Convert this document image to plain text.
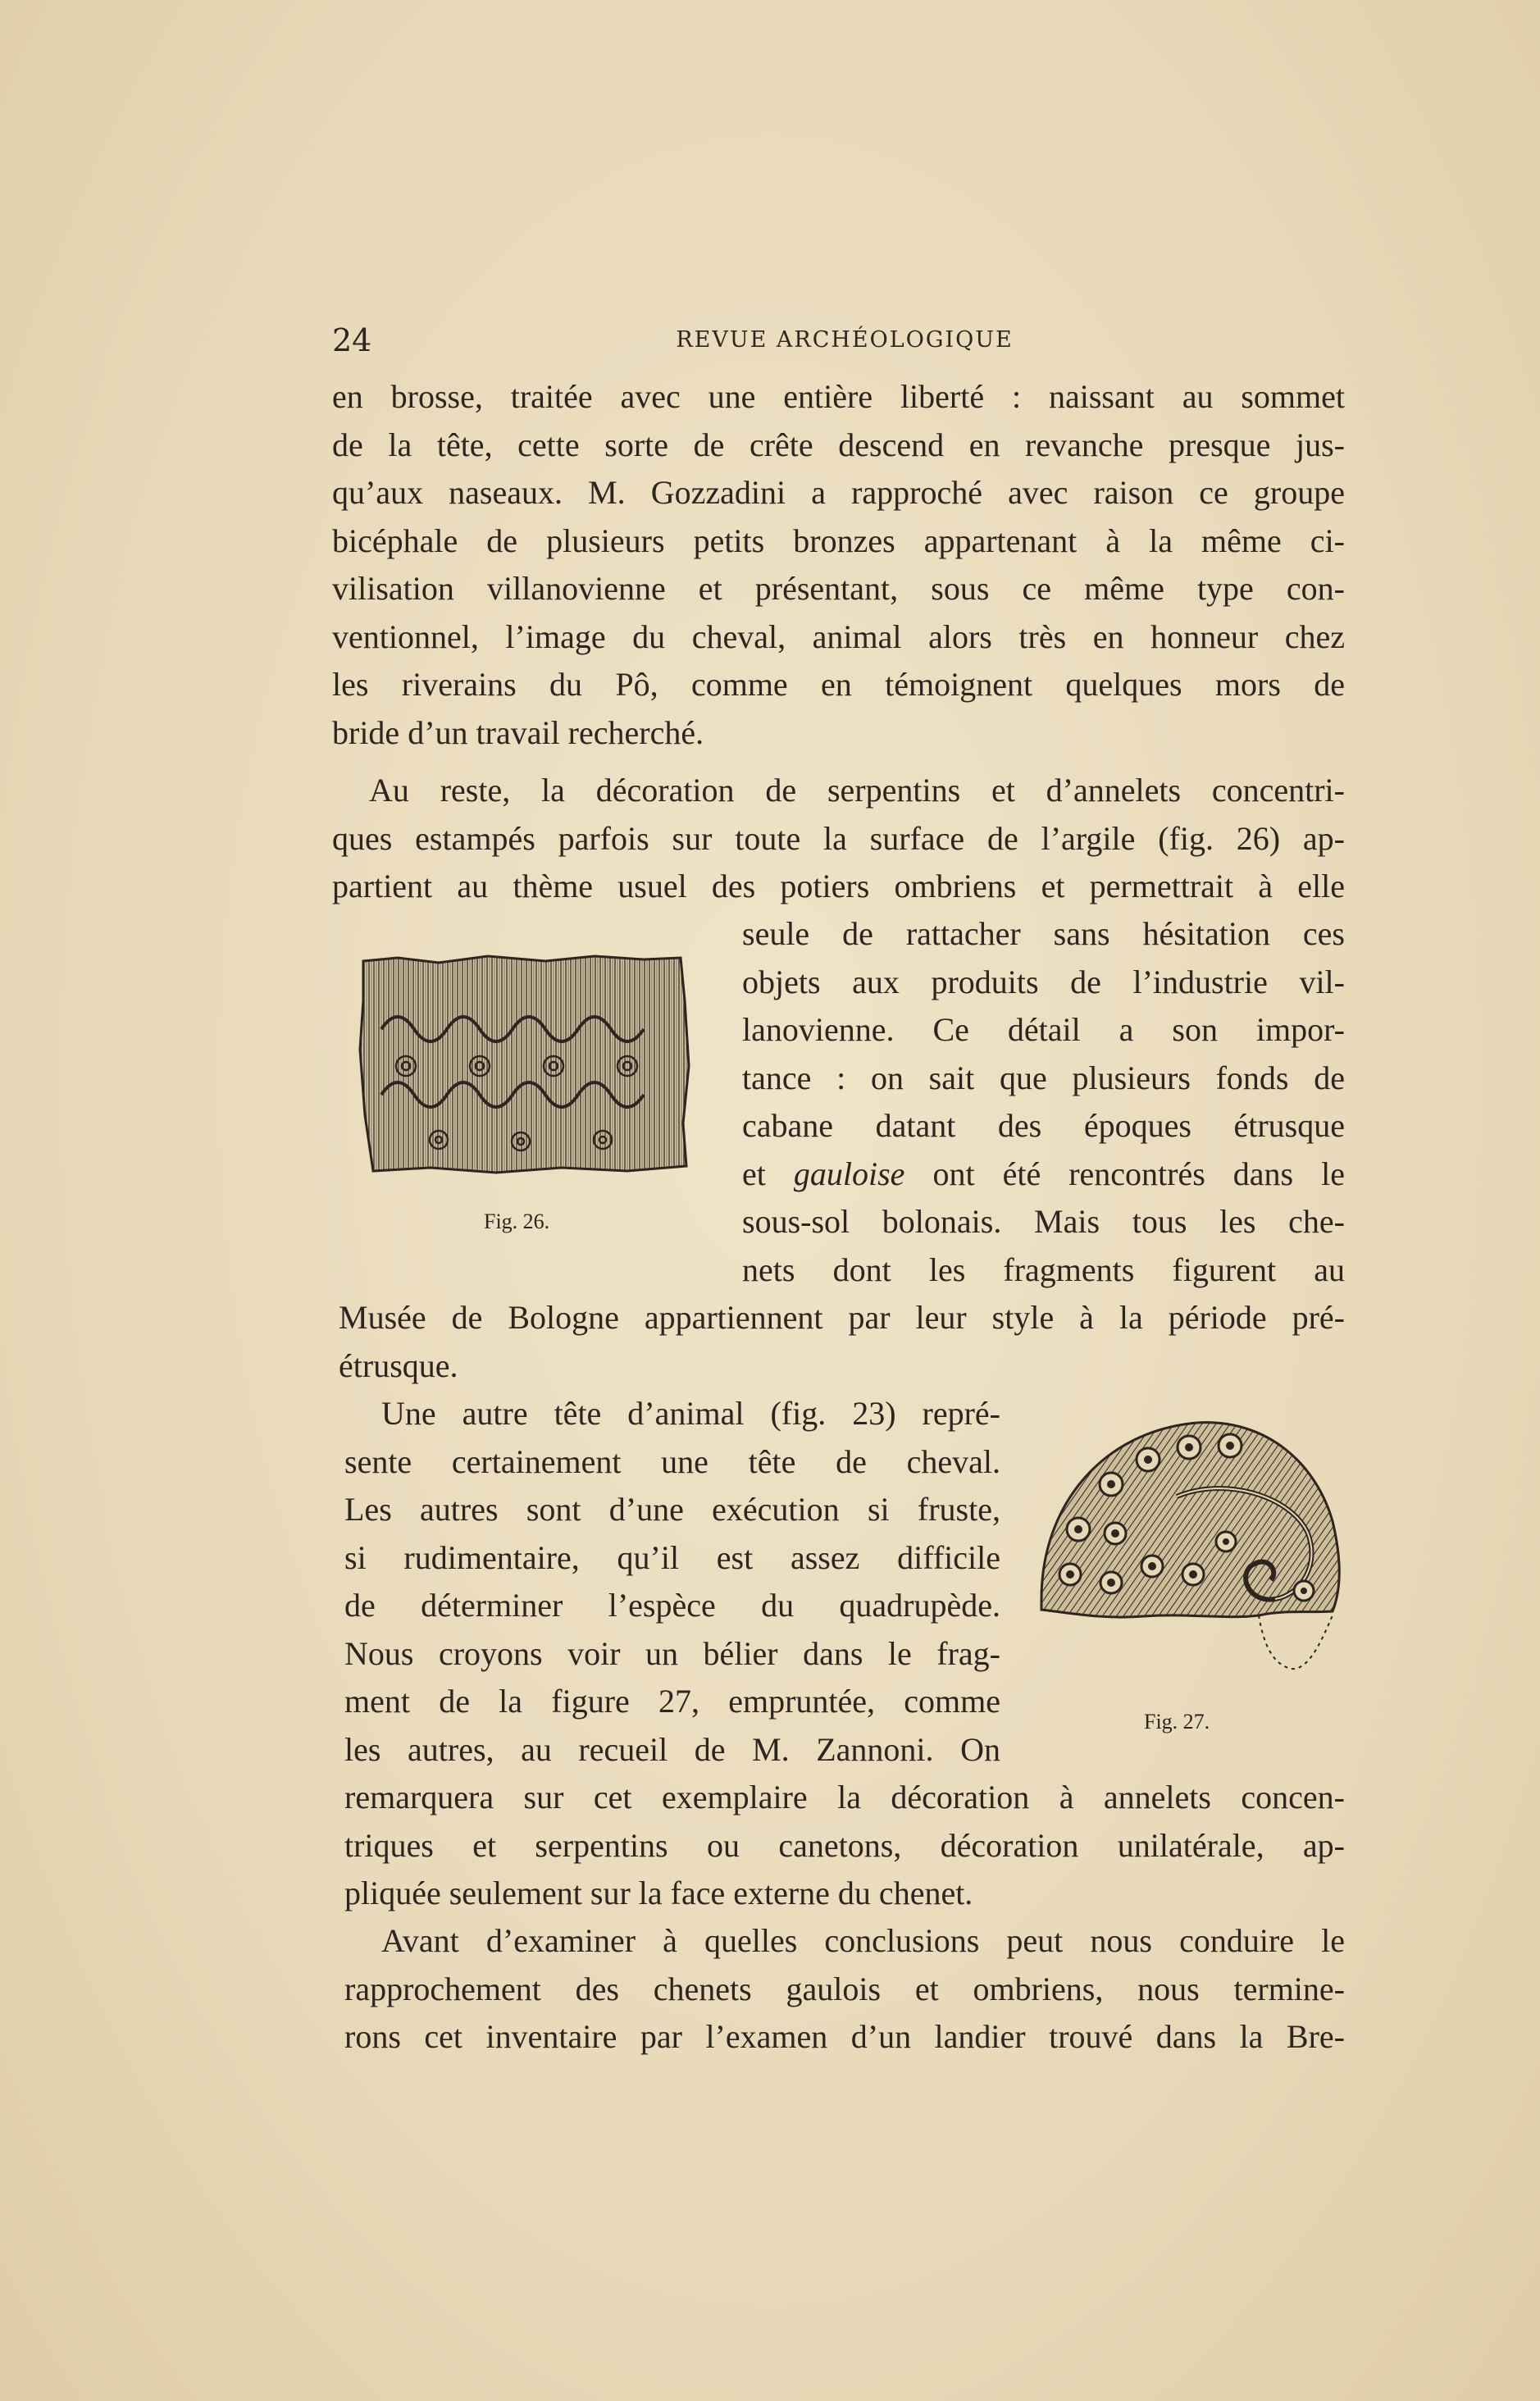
24	REVUE ARCHÉOLOGIQUE
en brosse, traitée avec une entière liberté : naissant au sommet
de la tête, cette sorte de crête descend en revanche presque jus-
qu’aux naseaux. M. Gozzadini a rapproché avec raison ce groupe
bicéphale de plusieurs petits bronzes appartenant à la même ci-
vilisation villanovienne et présentant, sous ce même type con-
ventionnel, l’image du cheval, animal alors très en honneur chez
les riverains du Pô, comme en témoignent quelques mors de
bride d’un travail recherché.
Au reste, la décoration de serpentins et d’annelets concentri-
ques estampés parfois sur toute la surface de l’argile (fig. 26) ap-
partient au thème usuel des potiers ombriens et permettrait à elle
Fig. 26.
seule de rattacher sans hésitation ces
objets aux produits de l’industrie vil-
lanovienne. Ce détail a son impor-
tance : on sait que plusieurs fonds de
cabane datant des époques étrusque
et gauloise ont été rencontrés dans le
sous-sol bolonais. Mais tous les che-
nets dont les fragments figurent au
Musée de Bologne appartiennent par leur style à la période pré-
étrusque.
Une autre tête d’animal (fig. 23) repré-
sente certainement une tête de cheval.
Les autres sont d’une exécution si fruste,
si rudimentaire, qu’il est assez difficile
de déterminer l’espèce du quadrupède.
Nous croyons voir un bélier dans le frag-
ment de la figure 27, empruntée, comme
les autres, au recueil de M. Zannoni. On
Fig. 27.
remarquera sur cet exemplaire la décoration à annelets concen-
triques et serpentins ou canetons, décoration unilatérale, ap-
pliquée seulement sur la face externe du chenet.
Avant d’examiner à quelles conclusions peut nous conduire le
rapprochement des chenets gaulois et ombriens, nous termine-
rons cet inventaire par l’examen d’un landier trouvé dans la Bre-
